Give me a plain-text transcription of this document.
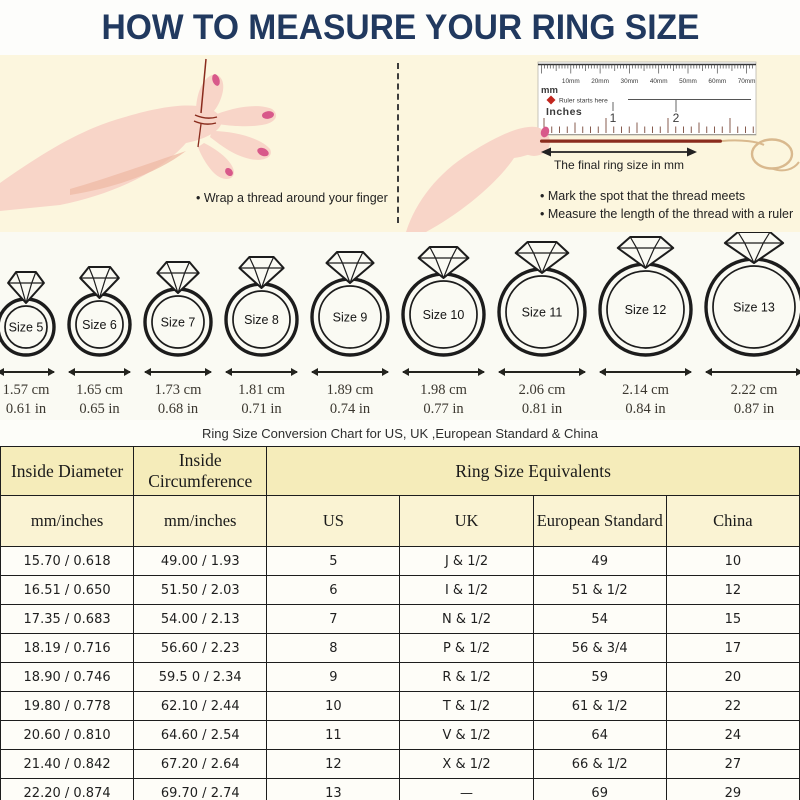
HOW TO MEASURE YOUR RING SIZE
10mm 20mm 30mm 40mm 50mm 60mm 70mm
mm
Ruler starts here
Inches 1	2
The final ring size in mm
• Wrap a thread around your finger	• Mark the spot that the thread meets
• Measure the length of the thread with a ruler
Size 5
1.57 cm
0.61 in
Size 6
1.65 cm
0.65 in
Size 7
1.73 cm
0.68 in
Size 8
1.81 cm
0.71 in
Size 9
1.89 cm
0.74 in
Size 10
1.98 cm
0.77 in
Size 11
2.06 cm
0.81 in
Size 12
2.14 cm
0.84 in
Size 13
2.22 cm
0.87 in
Ring Size Conversion Chart for US, UK ,European Standard & China
Inside Diameter	Inside Circumference	Ring Size Equivalents			
mm/inches	mm/inches	US	UK	European Standard	China
15.70 / 0.618	49.00 / 1.93	5	J & 1/2	49	10
16.51 / 0.650	51.50 / 2.03	6	I & 1/2	51 & 1/2	12
17.35 / 0.683	54.00 / 2.13	7	N & 1/2	54	15
18.19 / 0.716	56.60 / 2.23	8	P & 1/2	56 & 3/4	17
18.90 / 0.746	59.5 0 / 2.34	9	R & 1/2	59	20
19.80 / 0.778	62.10 / 2.44	10	T & 1/2	61 & 1/2	22
20.60 / 0.810	64.60 / 2.54	11	V & 1/2	64	24
21.40 / 0.842	67.20 / 2.64	12	X & 1/2	66 & 1/2	27
22.20 / 0.874	69.70 / 2.74	13	—	69	29
